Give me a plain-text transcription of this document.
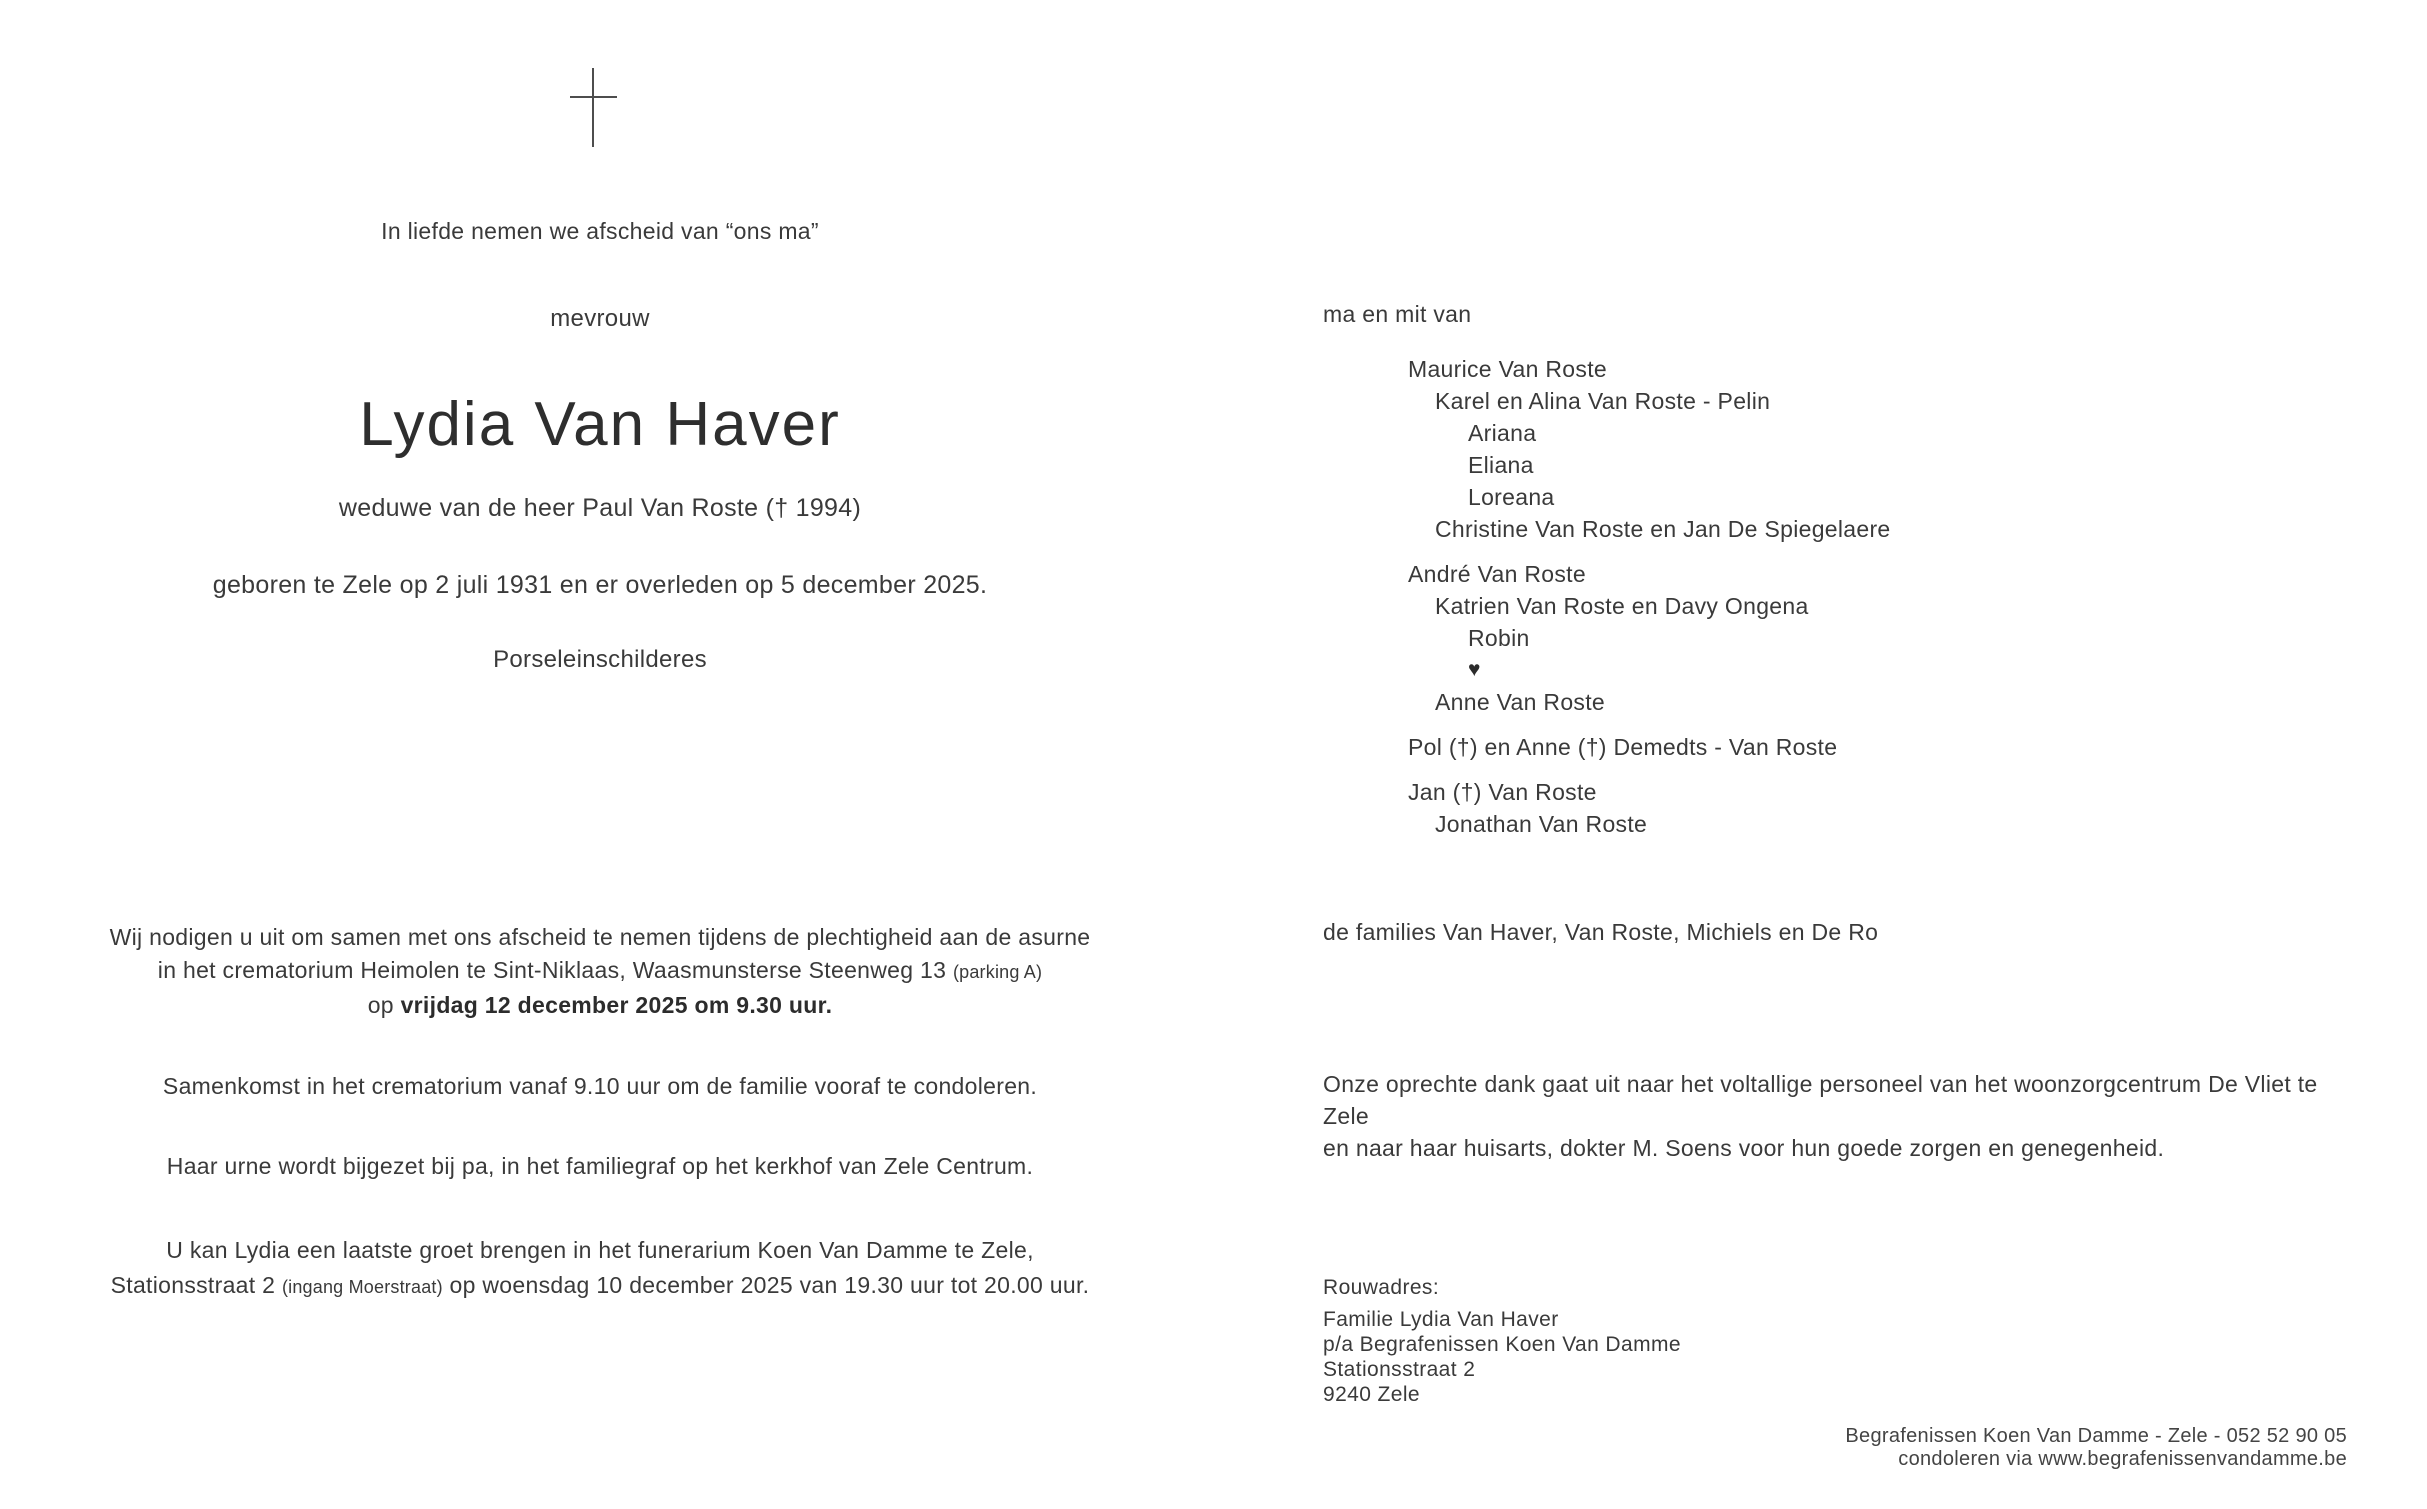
In liefde nemen we afscheid van “ons ma”
mevrouw
Lydia Van Haver
weduwe van de heer Paul Van Roste († 1994)
geboren te Zele op 2 juli 1931 en er overleden op 5 december 2025.
Porseleinschilderes
Wij nodigen u uit om samen met ons afscheid te nemen tijdens de plechtigheid aan de asurne
in het crematorium Heimolen te Sint-Niklaas, Waasmunsterse Steenweg 13 (parking A)
op vrijdag 12 december 2025 om 9.30 uur.
Samenkomst in het crematorium vanaf 9.10 uur om de familie vooraf te condoleren.
Haar urne wordt bijgezet bij pa, in het familiegraf op het kerkhof van Zele Centrum.
U kan Lydia een laatste groet brengen in het funerarium Koen Van Damme te Zele,
Stationsstraat 2 (ingang Moerstraat) op woensdag 10 december 2025 van 19.30 uur tot 20.00 uur.
ma en mit van
Maurice Van Roste
Karel en Alina Van Roste - Pelin
Ariana
Eliana
Loreana
Christine Van Roste en Jan De Spiegelaere
André Van Roste
Katrien Van Roste en Davy Ongena
Robin
♥
Anne Van Roste
Pol (†) en Anne (†) Demedts - Van Roste
Jan (†) Van Roste
Jonathan Van Roste
de families Van Haver, Van Roste, Michiels en De Ro
Onze oprechte dank gaat uit naar het voltallige personeel van het woonzorgcentrum De Vliet te Zele
en naar haar huisarts, dokter M. Soens voor hun goede zorgen en genegenheid.
Rouwadres:
Familie Lydia Van Haver
p/a Begrafenissen Koen Van Damme
Stationsstraat 2
9240 Zele
Begrafenissen Koen Van Damme - Zele - 052 52 90 05
condoleren via www.begrafenissenvandamme.be
